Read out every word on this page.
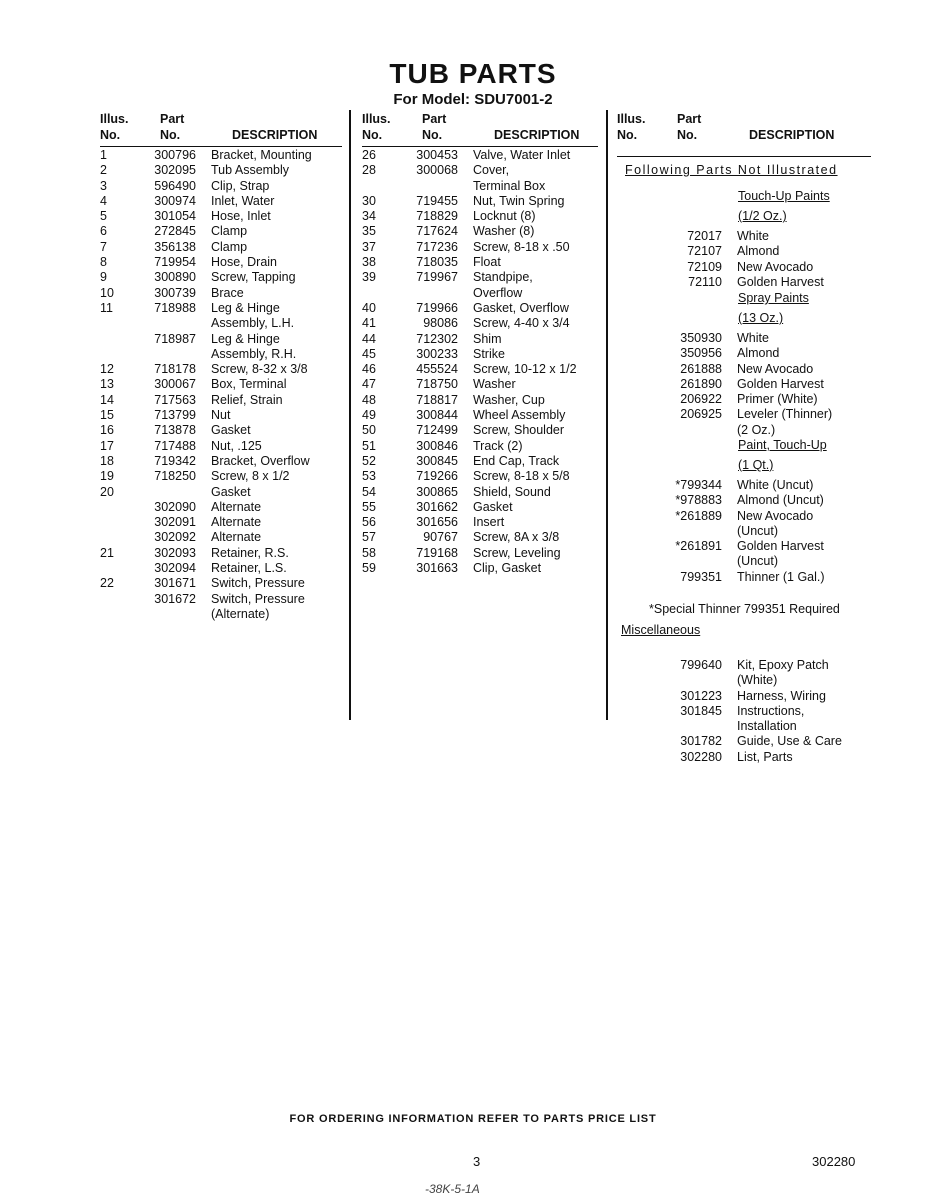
TUB PARTS
For Model: SDU7001-2
Illus.
No.
Part
No.	DESCRIPTION
1	300796 Bracket, Mounting
2	302095 Tub Assembly
3	596490 Clip, Strap
4	300974 Inlet, Water
5	301054 Hose, Inlet
6	272845 Clamp
7	356138 Clamp
8	719954 Hose, Drain
9	300890 Screw, Tapping
10	300739 Brace
11	718988 Leg & Hinge
Assembly, L.H.
718987 Leg & Hinge
Assembly, R.H.
12	718178 Screw, 8-32 x 3/8
13	300067 Box, Terminal
14	717563 Relief, Strain
15	713799 Nut
16	713878 Gasket
17	717488 Nut, .125
18	719342 Bracket, Overflow
19	718250 Screw, 8 x 1/2
20	Gasket
302090 Alternate
302091 Alternate
302092 Alternate
21	302093 Retainer, R.S.
302094 Retainer, L.S.
22	301671 Switch, Pressure
301672 Switch, Pressure
(Alternate)
Illus.
No.
Part
No.	DESCRIPTION
26	300453 Valve, Water Inlet
28	300068 Cover,
Terminal Box
30	719455 Nut, Twin Spring
34	718829 Locknut (8)
35	717624 Washer (8)
37	717236 Screw, 8-18 x .50
38	718035 Float
39	719967 Standpipe,
Overflow
40	719966 Gasket, Overflow
41	98086 Screw, 4-40 x 3/4
44	712302 Shim
45	300233 Strike
46	455524 Screw, 10-12 x 1/2
47	718750 Washer
48	718817 Washer, Cup
49	300844 Wheel Assembly
50	712499 Screw, Shoulder
51	300846 Track (2)
52	300845 End Cap, Track
53	719266 Screw, 8-18 x 5/8
54	300865 Shield, Sound
55	301662 Gasket
56	301656 Insert
57	90767 Screw, 8A x 3/8
58	719168 Screw, Leveling
59	301663 Clip, Gasket
Illus.
No.
Part
No.	DESCRIPTION
Following Parts Not Illustrated
Touch-Up Paints
(1/2 Oz.)
72017 White
72107 Almond
72109 New Avocado
72110 Golden Harvest
Spray Paints
(13 Oz.)
350930 White
350956 Almond
261888 New Avocado
261890 Golden Harvest
206922 Primer (White)
206925 Leveler (Thinner)
(2 Oz.)
Paint, Touch-Up
(1 Qt.)
*799344 White (Uncut)
*978883 Almond (Uncut)
*261889 New Avocado
(Uncut)
*261891 Golden Harvest
(Uncut)
799351 Thinner (1 Gal.)
*Special Thinner 799351 Required
Miscellaneous
799640 Kit, Epoxy Patch
(White)
301223 Harness, Wiring
301845 Instructions,
Installation
301782 Guide, Use & Care
302280 List, Parts
FOR ORDERING INFORMATION REFER TO PARTS PRICE LIST
3	302280
-38K-5-1A
